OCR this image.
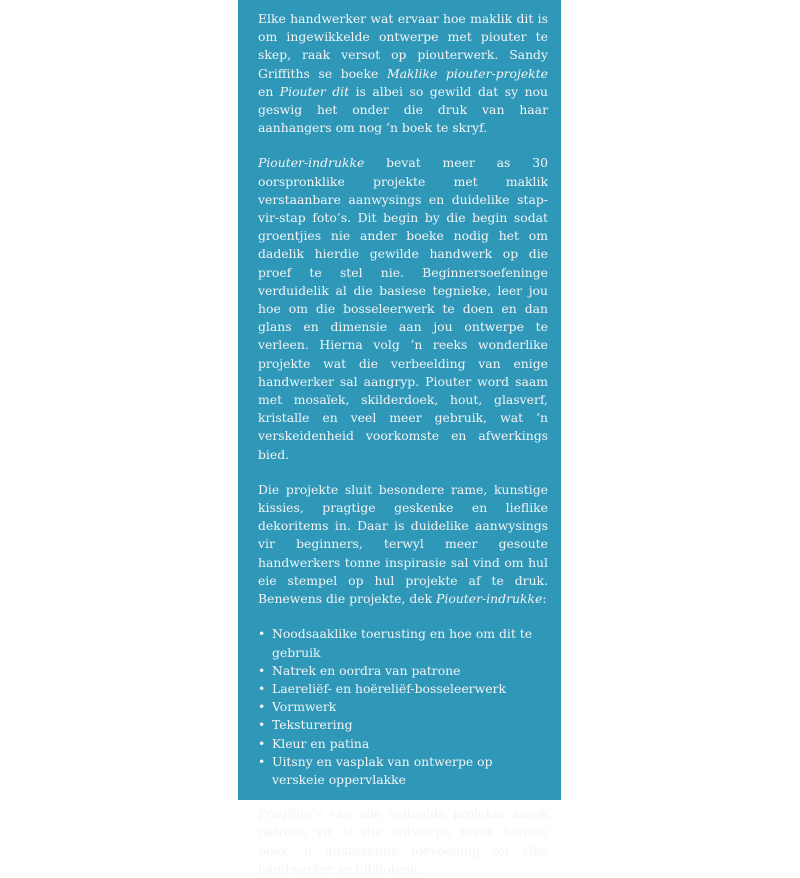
Elke handwerker wat ervaar hoe maklik dit is om ingewikkelde ontwerpe met piouter te skep, raak versot op piouterwerk. Sandy Griffiths se boeke Maklike piouter-projekte en Piouter dit is albei so gewild dat sy nou geswig het onder die druk van haar aanhangers om nog ’n boek te skryf.

Piouter-indrukke bevat meer as 30 oorspronklike projekte met maklik verstaanbare aanwysings en duidelike stap-vir-stap foto’s. Dit begin by die begin sodat groentjies nie ander boeke nodig het om dadelik hierdie gewilde handwerk op die proef te stel nie. Beginnersoefeninge verduidelik al die basiese tegnieke, leer jou hoe om die bosseleerwerk te doen en dan glans en dimensie aan jou ontwerpe te verleen. Hierna volg ’n reeks wonderlike projekte wat die verbeelding van enige handwerker sal aangryp. Piouter word saam met mosaïek, skilderdoek, hout, glasverf, kristalle en veel meer gebruik, wat ’n verskeidenheid voorkomste en afwerkings bied.

Die projekte sluit besondere rame, kunstige kissies, pragtige geskenke en lieflike dekoritems in. Daar is duidelike aanwysings vir beginners, terwyl meer gesoute handwerkers tonne inspirasie sal vind om hul eie stempel op hul projekte af te druk. Benewens die projekte, dek Piouter-indrukke:

• Noodsaaklike toerusting en hoe om dit te gebruik
• Natrek en oordra van patrone
• Laereliëf- en hoëreliëf-bosseleerwerk
• Vormwerk
• Teksturering
• Kleur en patina
• Uitsny en vasplak van ontwerpe op verskeie oppervlakke

Pragfoto’s van alle voltooide projekte asook patrone vir al die ontwerpe maak hierdie boek ’n uitstekende toevoeging tot elke handwerker se biblioteek.
